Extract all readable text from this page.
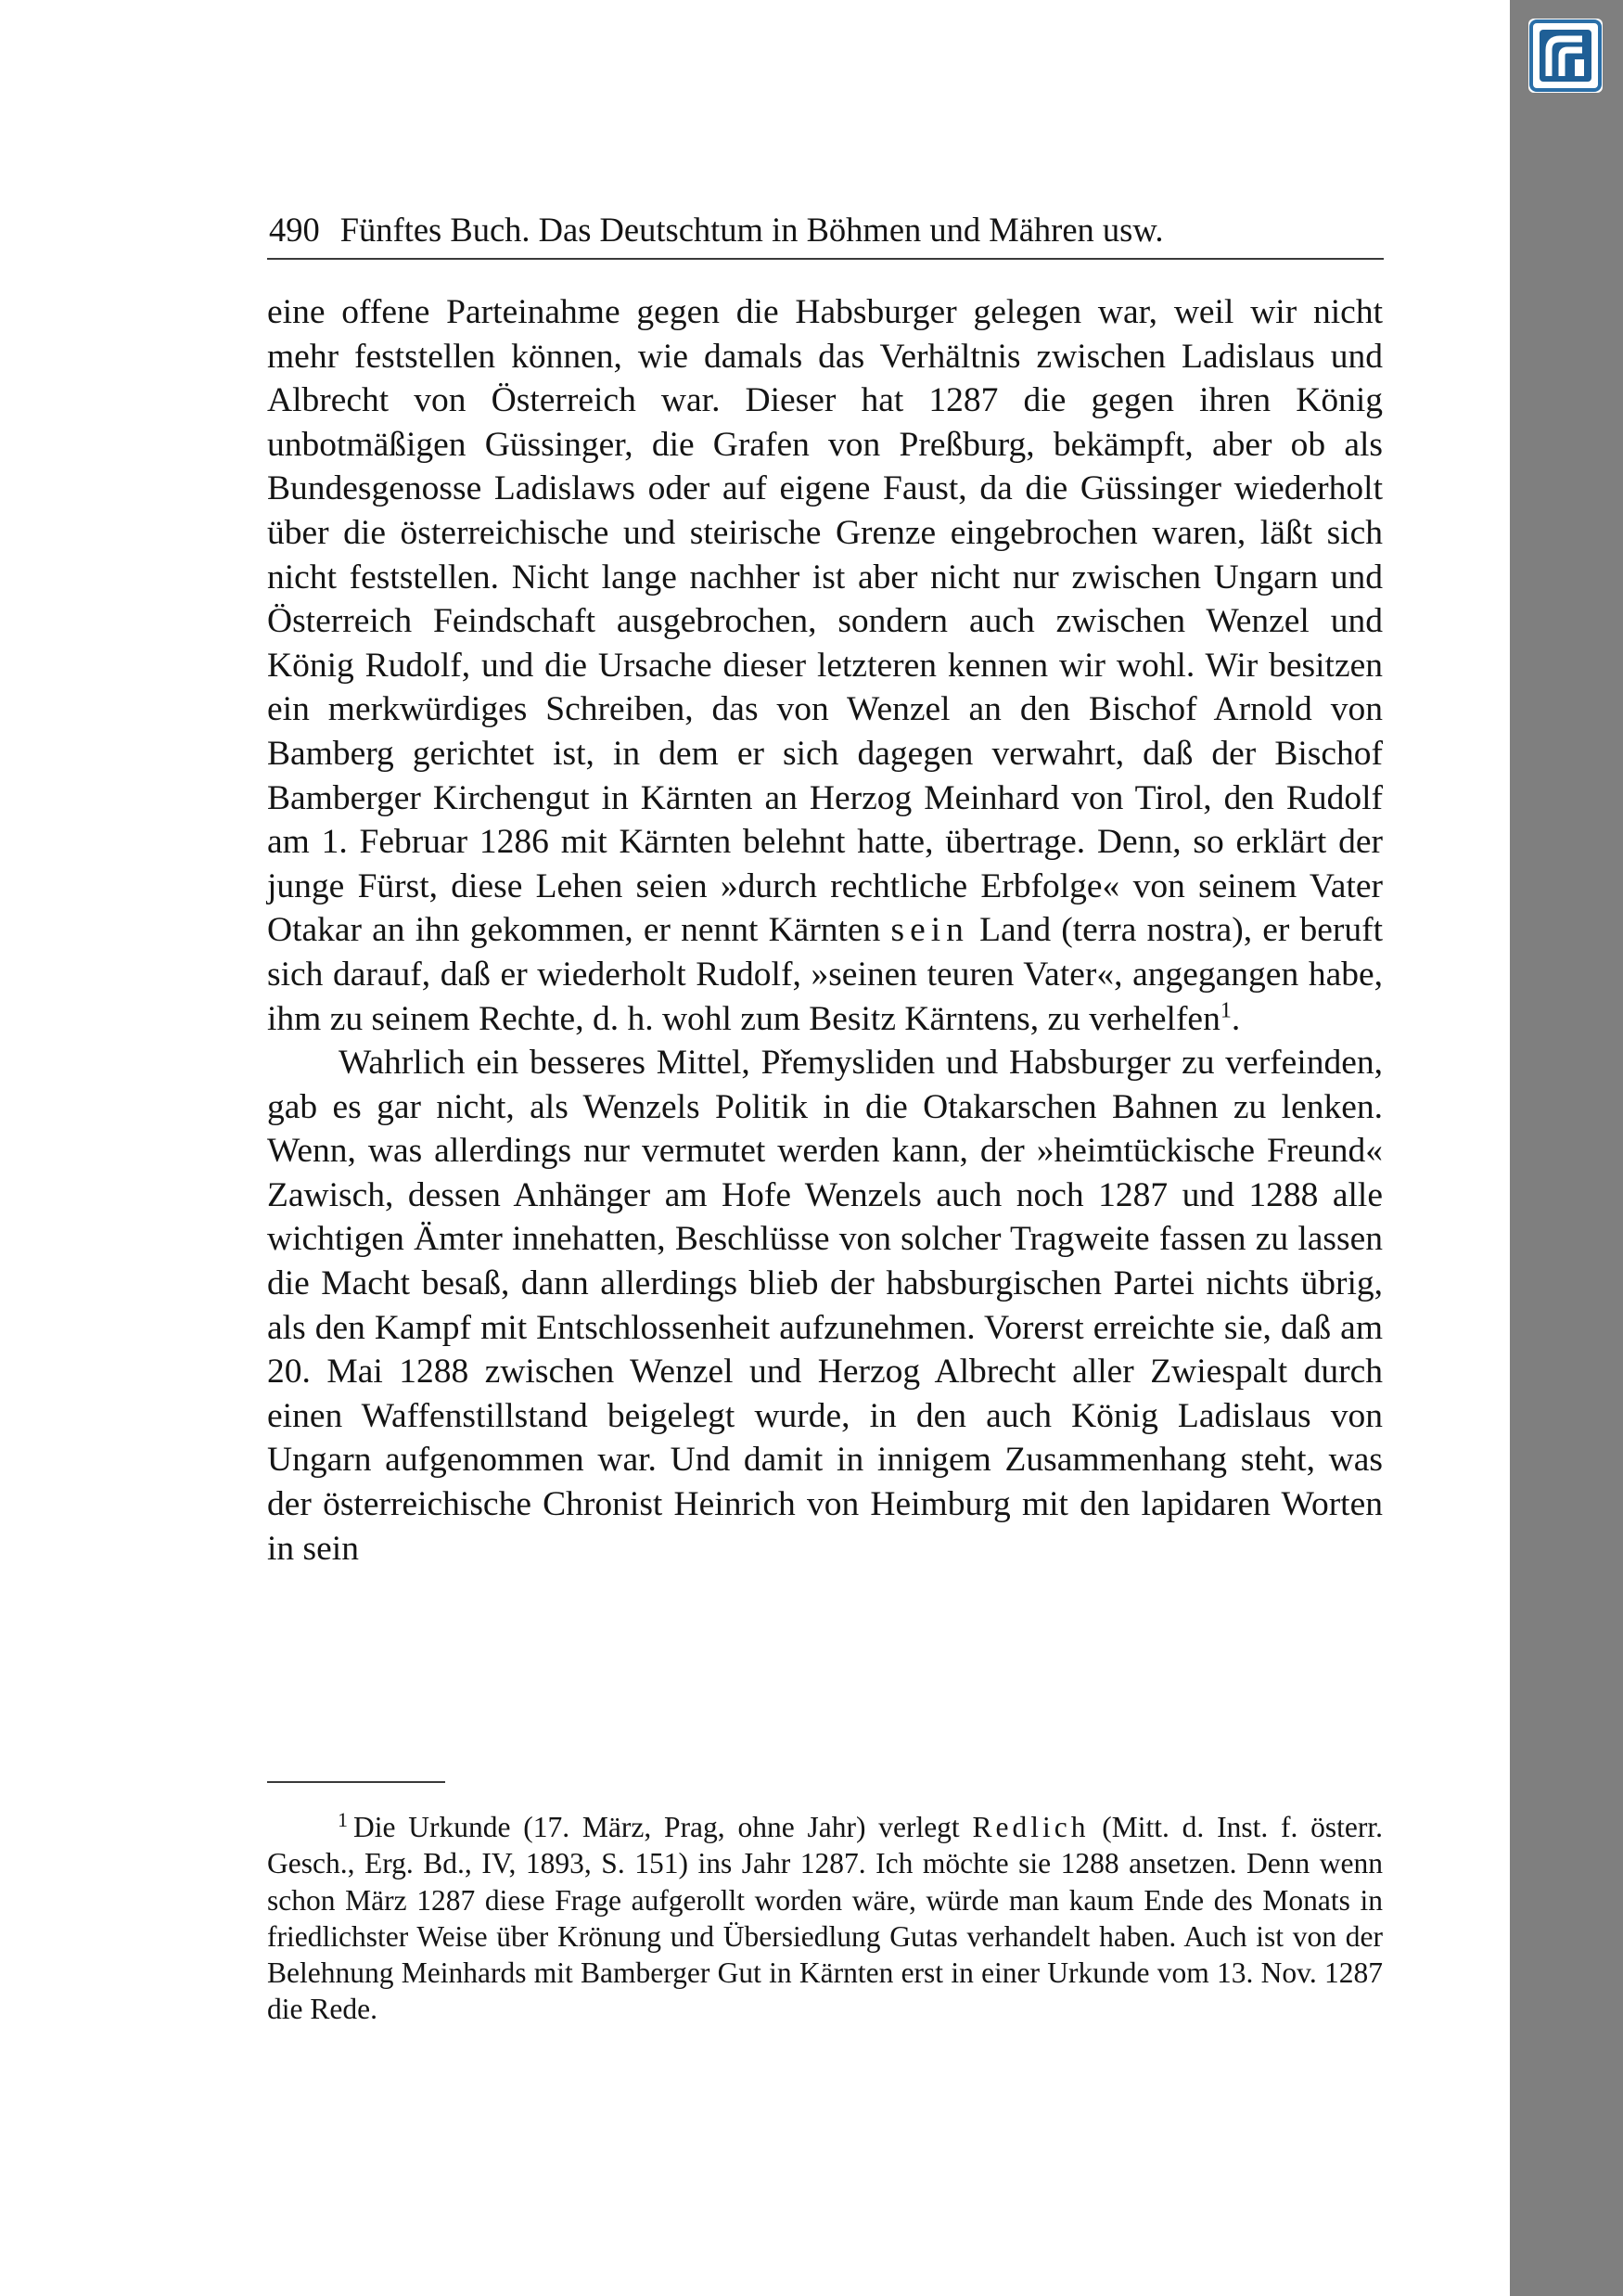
490 Fünftes Buch. Das Deutschtum in Böhmen und Mähren usw.

eine offene Parteinahme gegen die Habsburger gelegen war, weil wir nicht mehr feststellen können, wie damals das Verhältnis zwischen Ladislaus und Albrecht von Österreich war. Dieser hat 1287 die gegen ihren König unbotmäßigen Güssinger, die Grafen von Preßburg, bekämpft, aber ob als Bundesgenosse Ladislaws oder auf eigene Faust, da die Güssinger wiederholt über die österreichische und steirische Grenze eingebrochen waren, läßt sich nicht feststellen. Nicht lange nachher ist aber nicht nur zwischen Ungarn und Österreich Feindschaft ausgebrochen, sondern auch zwischen Wenzel und König Rudolf, und die Ursache dieser letzteren kennen wir wohl. Wir besitzen ein merkwürdiges Schreiben, das von Wenzel an den Bischof Arnold von Bamberg gerichtet ist, in dem er sich dagegen verwahrt, daß der Bischof Bamberger Kirchengut in Kärnten an Herzog Meinhard von Tirol, den Rudolf am 1. Februar 1286 mit Kärnten belehnt hatte, übertrage. Denn, so erklärt der junge Fürst, diese Lehen seien »durch rechtliche Erbfolge« von seinem Vater Otakar an ihn gekommen, er nennt Kärnten sein Land (terra nostra), er beruft sich darauf, daß er wiederholt Rudolf, »seinen teuren Vater«, angegangen habe, ihm zu seinem Rechte, d. h. wohl zum Besitz Kärntens, zu verhelfen$^1$.

Wahrlich ein besseres Mittel, Přemysliden und Habsburger zu verfeinden, gab es gar nicht, als Wenzels Politik in die Otakarschen Bahnen zu lenken. Wenn, was allerdings nur vermutet werden kann, der »heimtückische Freund« Zawisch, dessen Anhänger am Hofe Wenzels auch noch 1287 und 1288 alle wichtigen Ämter innehatten, Beschlüsse von solcher Tragweite fassen zu lassen die Macht besaß, dann allerdings blieb der habsburgischen Partei nichts übrig, als den Kampf mit Entschlossenheit aufzunehmen. Vorerst erreichte sie, daß am 20. Mai 1288 zwischen Wenzel und Herzog Albrecht aller Zwiespalt durch einen Waffenstillstand beigelegt wurde, in den auch König Ladislaus von Ungarn aufgenommen war. Und damit in innigem Zusammenhang steht, was der österreichische Chronist Heinrich von Heimburg mit den lapidaren Worten in sein

$^1$ Die Urkunde (17. März, Prag, ohne Jahr) verlegt Redlich (Mitt. d. Inst. f. österr. Gesch., Erg. Bd., IV, 1893, S. 151) ins Jahr 1287. Ich möchte sie 1288 ansetzen. Denn wenn schon März 1287 diese Frage aufgerollt worden wäre, würde man kaum Ende des Monats in friedlichster Weise über Krönung und Übersiedlung Gutas verhandelt haben. Auch ist von der Belehnung Meinhards mit Bamberger Gut in Kärnten erst in einer Urkunde vom 13. Nov. 1287 die Rede.

Créé par la version démo de Universal Document Converter. La version complète n'ajoute pas ce texte.
FR.PRINT-DRIVER.COM
